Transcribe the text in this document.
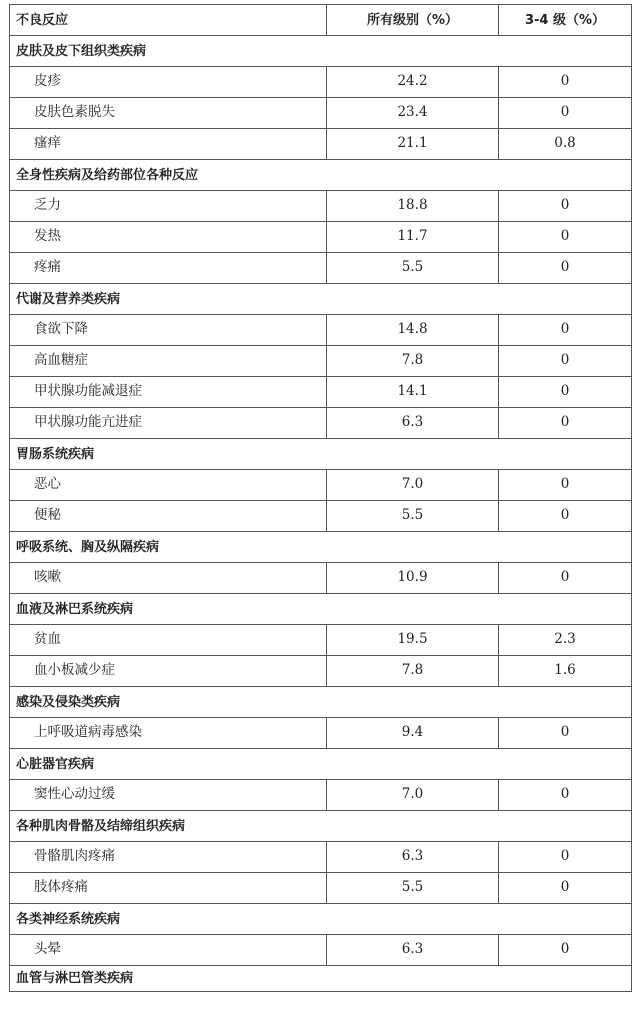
不良反应	所有级别（%）	3-4 级（%）
皮肤及皮下组织类疾病		
皮疹	24.2	0
皮肤色素脱失	23.4	0
瘙痒	21.1	0.8
全身性疾病及给药部位各种反应		
乏力	18.8	0
发热	11.7	0
疼痛	5.5	0
代谢及营养类疾病		
食欲下降	14.8	0
高血糖症	7.8	0
甲状腺功能减退症	14.1	0
甲状腺功能亢进症	6.3	0
胃肠系统疾病		
恶心	7.0	0
便秘	5.5	0
呼吸系统、胸及纵隔疾病		
咳嗽	10.9	0
血液及淋巴系统疾病		
贫血	19.5	2.3
血小板减少症	7.8	1.6
感染及侵染类疾病		
上呼吸道病毒感染	9.4	0
心脏器官疾病		
窦性心动过缓	7.0	0
各种肌肉骨骼及结缔组织疾病		
骨骼肌肉疼痛	6.3	0
肢体疼痛	5.5	0
各类神经系统疾病		
头晕	6.3	0
血管与淋巴管类疾病		
